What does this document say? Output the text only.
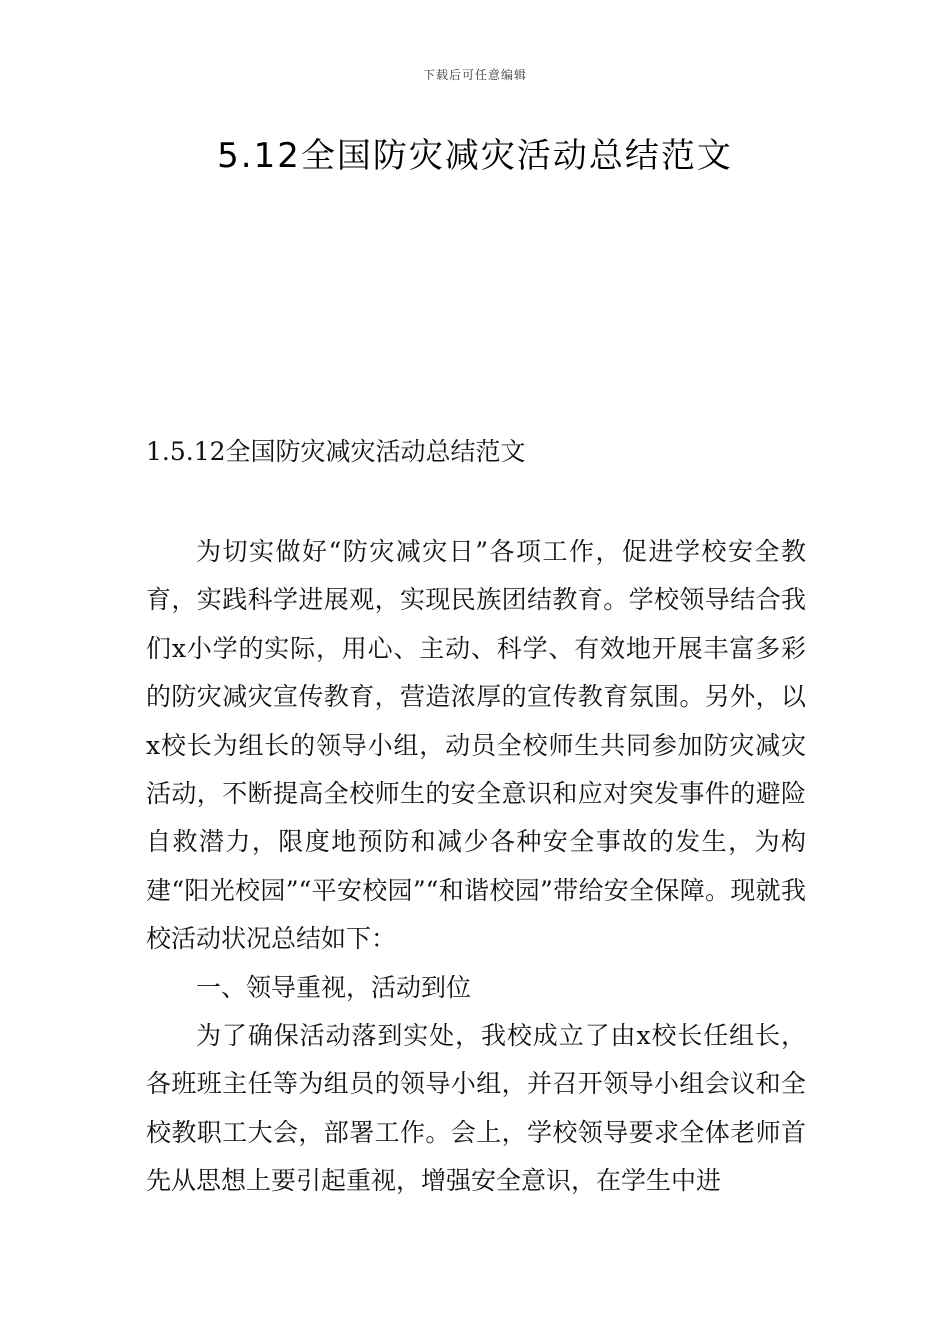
下载后可任意编辑
5.12全国防灾减灾活动总结范文
1.5.12全国防灾减灾活动总结范文

为切实做好“防灾减灾日”各项工作，促进学校安全教育，实践科学进展观，实现民族团结教育。学校领导结合我们x小学的实际，用心、主动、科学、有效地开展丰富多彩的防灾减灾宣传教育，营造浓厚的宣传教育氛围。另外，以x校长为组长的领导小组，动员全校师生共同参加防灾减灾活动，不断提高全校师生的安全意识和应对突发事件的避险自救潜力，限度地预防和减少各种安全事故的发生，为构建“阳光校园”“平安校园”“和谐校园”带给安全保障。现就我校活动状况总结如下：

一、领导重视，活动到位

为了确保活动落到实处，我校成立了由x校长任组长，各班班主任等为组员的领导小组，并召开领导小组会议和全校教职工大会，部署工作。会上，学校领导要求全体老师首先从思想上要引起重视，增强安全意识，在学生中进
